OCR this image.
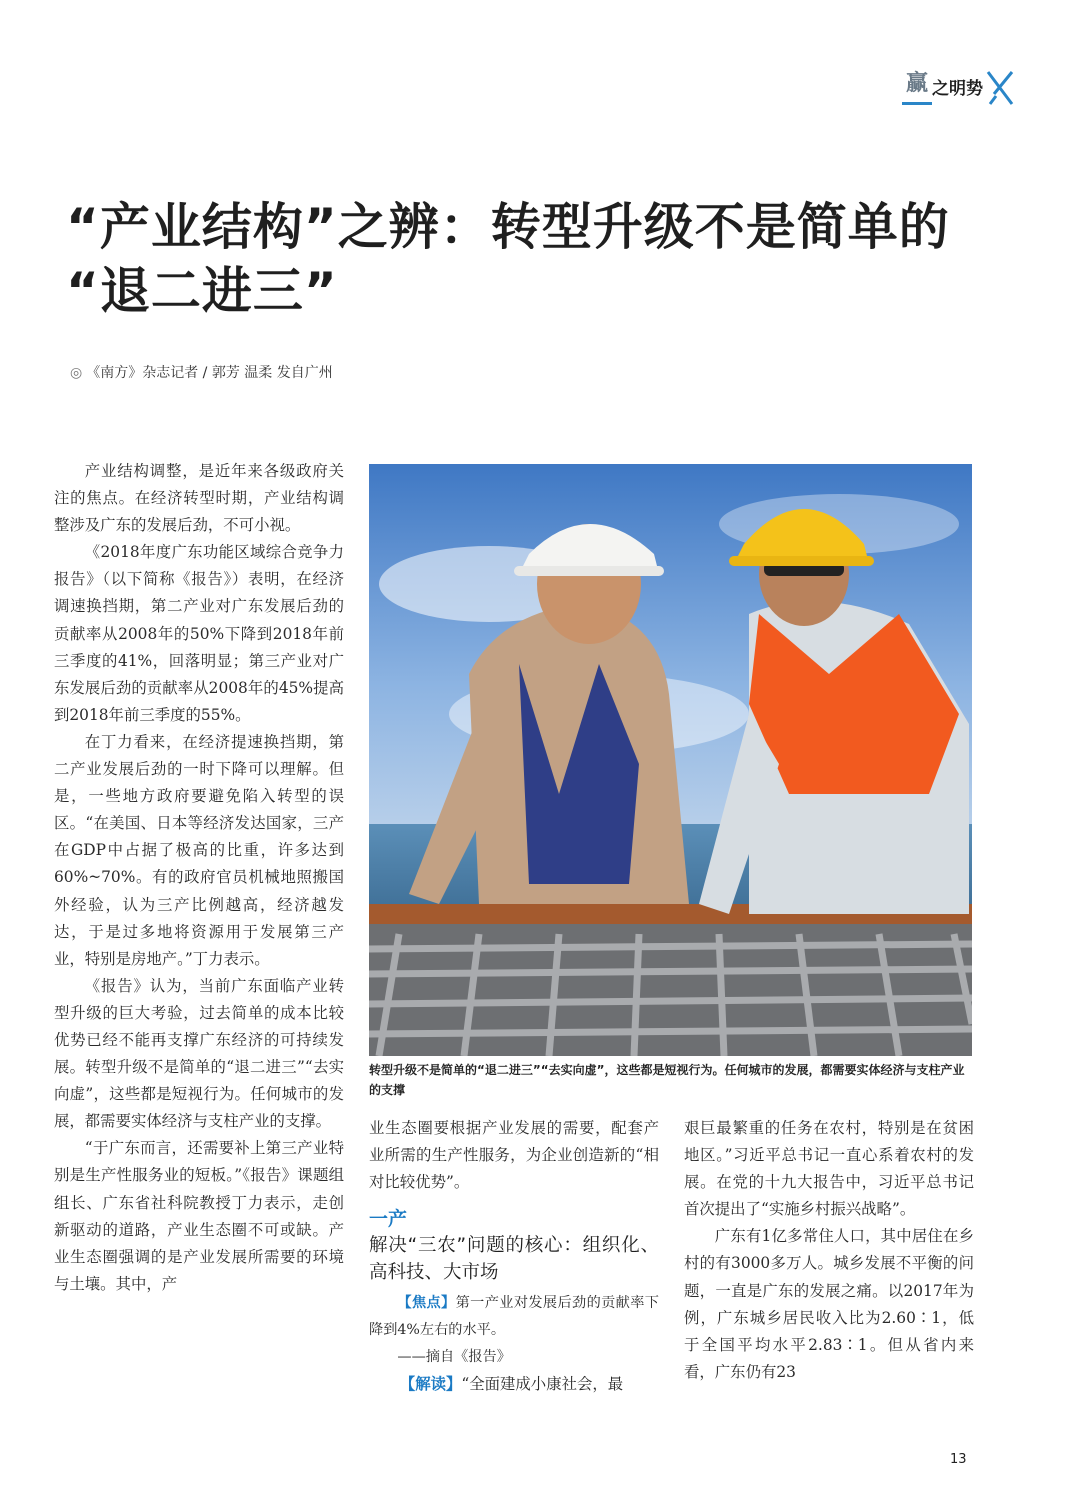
赢 之明势
“产业结构”之辨：转型升级不是简单的
“退二进三”
◎ 《南方》杂志记者 / 郭芳 温柔 发自广州

产业结构调整，是近年来各级政府关注的焦点。在经济转型时期，产业结构调整涉及广东的发展后劲，不可小视。

《2018年度广东功能区域综合竞争力报告》（以下简称《报告》）表明，在经济调速换挡期，第二产业对广东发展后劲的贡献率从2008年的50%下降到2018年前三季度的41%，回落明显；第三产业对广东发展后劲的贡献率从2008年的45%提高到2018年前三季度的55%。

在丁力看来，在经济提速换挡期，第二产业发展后劲的一时下降可以理解。但是，一些地方政府要避免陷入转型的误区。“在美国、日本等经济发达国家，三产在GDP中占据了极高的比重，许多达到60%~70%。有的政府官员机械地照搬国外经验，认为三产比例越高，经济越发达，于是过多地将资源用于发展第三产业，特别是房地产。”丁力表示。

《报告》认为，当前广东面临产业转型升级的巨大考验，过去简单的成本比较优势已经不能再支撑广东经济的可持续发展。转型升级不是简单的“退二进三”“去实向虚”，这些都是短视行为。任何城市的发展，都需要实体经济与支柱产业的支撑。

“于广东而言，还需要补上第三产业特别是生产性服务业的短板。”《报告》课题组组长、广东省社科院教授丁力表示，走创新驱动的道路，产业生态圈不可或缺。产业生态圈强调的是产业发展所需要的环境与土壤。其中，产

转型升级不是简单的“退二进三”“去实向虚”，这些都是短视行为。任何城市的发展，都需要实体经济与支柱产业的支撑

业生态圈要根据产业发展的需要，配套产业所需的生产性服务，为企业创造新的“相对比较优势”。

一产
解决“三农”问题的核心：组织化、高科技、大市场

【焦点】第一产业对发展后劲的贡献率下降到4%左右的水平。

——摘自《报告》

【解读】“全面建成小康社会，最

艰巨最繁重的任务在农村，特别是在贫困地区。”习近平总书记一直心系着农村的发展。在党的十九大报告中，习近平总书记首次提出了“实施乡村振兴战略”。

广东有1亿多常住人口，其中居住在乡村的有3000多万人。城乡发展不平衡的问题，一直是广东的发展之痛。以2017年为例，广东城乡居民收入比为2.60∶1，低于全国平均水平2.83∶1。但从省内来看，广东仍有23

13
